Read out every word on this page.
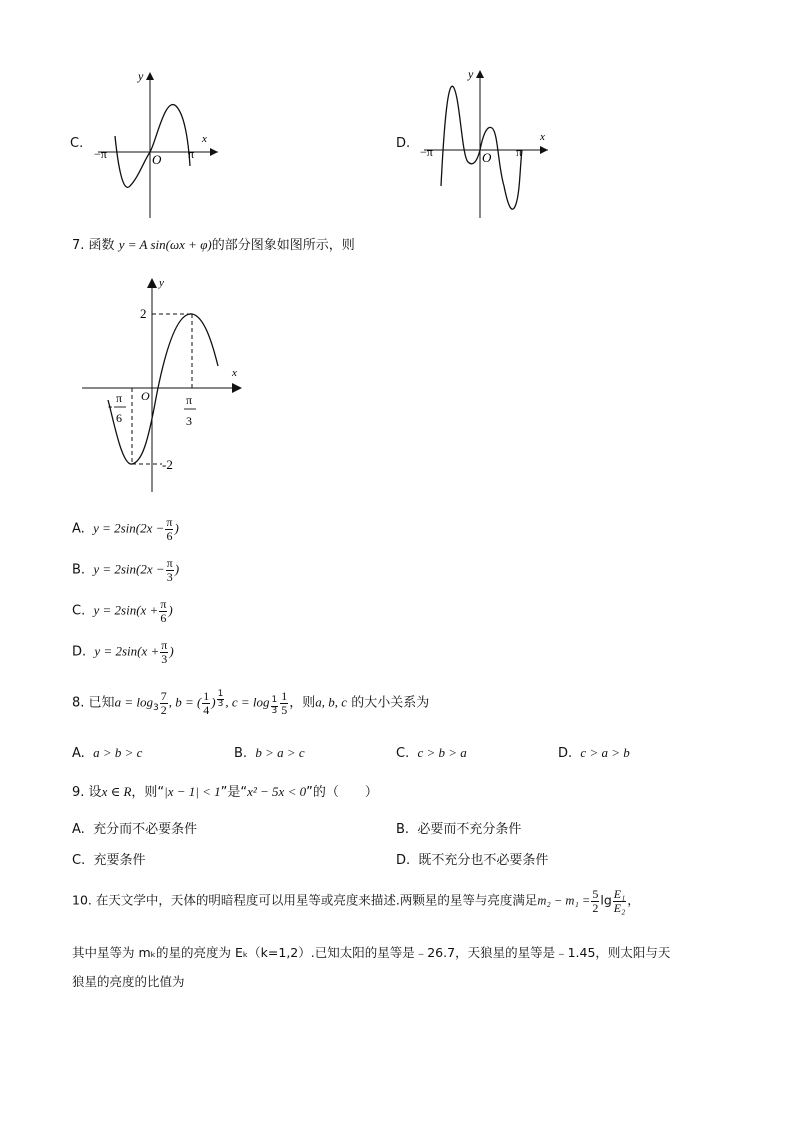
C.
y
x
O
−π	π
D.
y
x
O
−π	π
7. 函数 y = A sin(ωx + φ)的部分图象如图所示，则
y
x
O
2
-2
- π
6
π
3
A. $y = 2\sin(2x - \frac{\pi}{6}$ )
B. $y = 2\sin(2x - \frac{\pi}{3}$ )
C. $y = 2\sin(x + \frac{\pi}{6}$ )
D. $y = 2\sin(x + \frac{\pi}{3}$ )
8. 已知$a = \log_3 \frac{7}{2}$ , b = ( $\frac{1}{4}$ ) $^{\frac{1}{3}}$ , $c = \log \frac{1}{3} \frac{1}{5}$ ，则a, b, c 的大小关系为
A. a > b > c	B. b > a > c	C. c > b > a	D. c > a > b
9. 设x ∈ R，则“|x − 1| < 1”是“x² − 5x < 0”的（　　）
A. 充分而不必要条件	B. 必要而不充分条件
C. 充要条件	D. 既不充分也不必要条件
10. 在天文学中，天体的明暗程度可以用星等或亮度来描述.两颗星的星等与亮度满足$m_2 - m_1 = \frac{5}{2}$ $\lg \frac{\text{E₁}}{\text{E₂}}$ ，
其中星等为 mₖ的星的亮度为 Eₖ（k=1,2）.已知太阳的星等是﹣26.7，天狼星的星等是﹣1.45，则太阳与天
狼星的亮度的比值为
